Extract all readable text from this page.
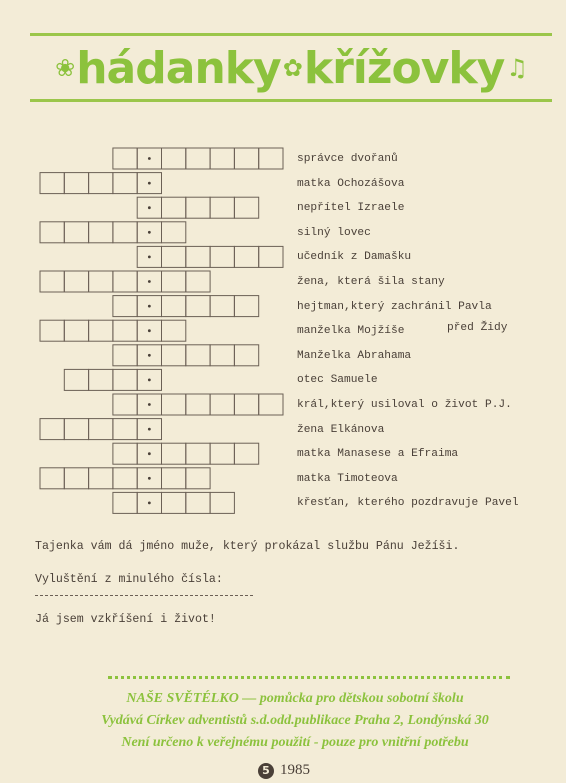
❀ hádanky ✿ křížovky ♫
správce dvořanů
matka Ochozášova
nepřítel Izraele
silný lovec
učedník z Damašku
žena, která šila stany
hejtman,který zachránil Pavla
manželka Mojžíše
Manželka Abrahama
otec Samuele
král,který usiloval o život P.J.
žena Elkánova
matka Manasese a Efraima
matka Timoteova
křesťan, kterého pozdravuje Pavel
před Židy
Tajenka vám dá jméno muže, který prokázal službu Pánu Ježíši.
Vyluštění z minulého čísla:
Já jsem vzkříšení i život!
NAŠE SVĚTÉLKO — pomůcka pro dětskou sobotní školu
Vydává Církev adventistů s.d.odd.publikace Praha 2, Londýnská 30
Není určeno k veřejnému použití - pouze pro vnitřní potřebu
5 1985
